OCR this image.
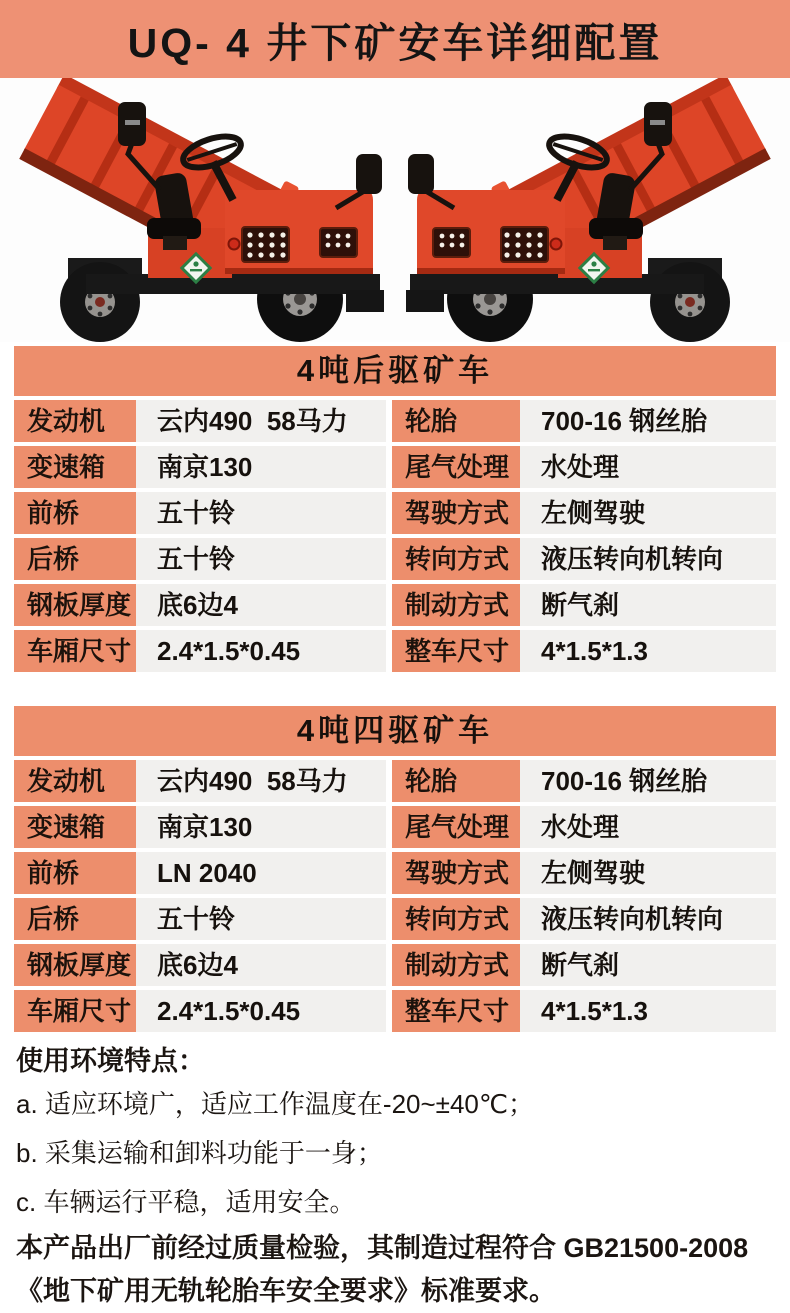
UQ- 4 井下矿安车详细配置
4吨后驱矿车
发动机	云内490  58马力	轮胎	700-16 钢丝胎
变速箱	南京130	尾气处理	水处理
前桥	五十铃	驾驶方式	左侧驾驶
后桥	五十铃	转向方式	液压转向机转向
钢板厚度 底6边4	制动方式	断气刹
车厢尺寸 2.4*1.5*0.45	整车尺寸	4*1.5*1.3
4吨四驱矿车
发动机	云内490  58马力	轮胎	700-16 钢丝胎
变速箱	南京130	尾气处理	水处理
前桥	LN 2040	驾驶方式	左侧驾驶
后桥	五十铃	转向方式	液压转向机转向
钢板厚度 底6边4	制动方式	断气刹
车厢尺寸 2.4*1.5*0.45	整车尺寸	4*1.5*1.3
使用环境特点：
a. 适应环境广，适应工作温度在-20~±40℃；
b. 采集运输和卸料功能于一身；
c. 车辆运行平稳，适用安全。
本产品出厂前经过质量检验，其制造过程符合 GB21500-2008
《地下矿用无轨轮胎车安全要求》标准要求。
